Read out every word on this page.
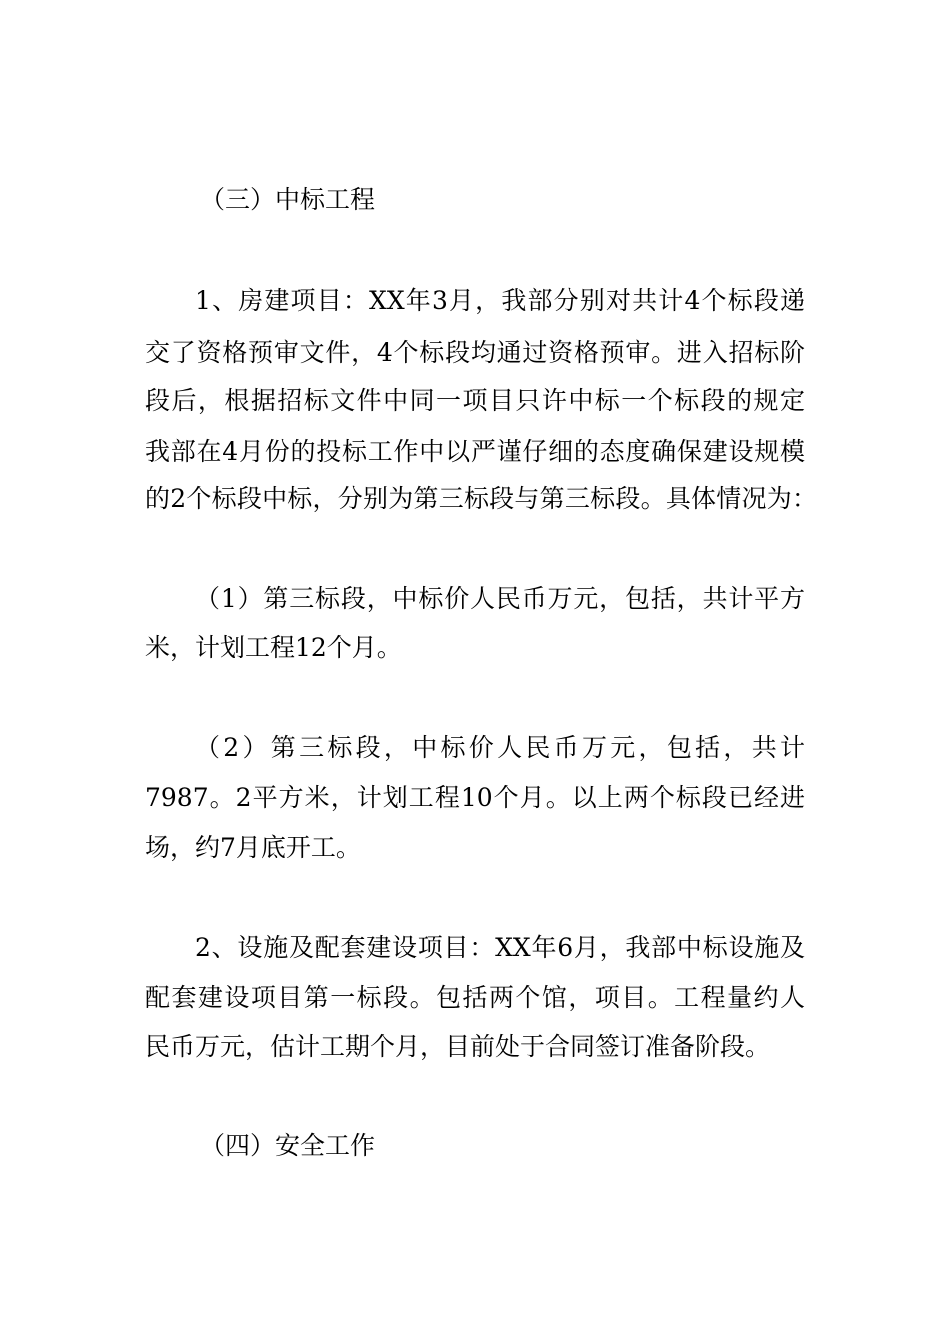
（三）中标工程

1、房建项目：XX年3月，我部分别对共计4个标段递

交了资格预审文件，4个标段均通过资格预审。进入招标阶

段后，根据招标文件中同一项目只许中标一个标段的规定

我部在4月份的投标工作中以严谨仔细的态度确保建设规模

的2个标段中标，分别为第三标段与第三标段。具体情况为：

（1）第三标段，中标价人民币万元，包括，共计平方

米，计划工程12个月。

（2）第三标段，中标价人民币万元，包括，共计

7987。2平方米，计划工程10个月。以上两个标段已经进

场，约7月底开工。

2、设施及配套建设项目：XX年6月，我部中标设施及

配套建设项目第一标段。包括两个馆，项目。工程量约人

民币万元，估计工期个月，目前处于合同签订准备阶段。

（四）安全工作
